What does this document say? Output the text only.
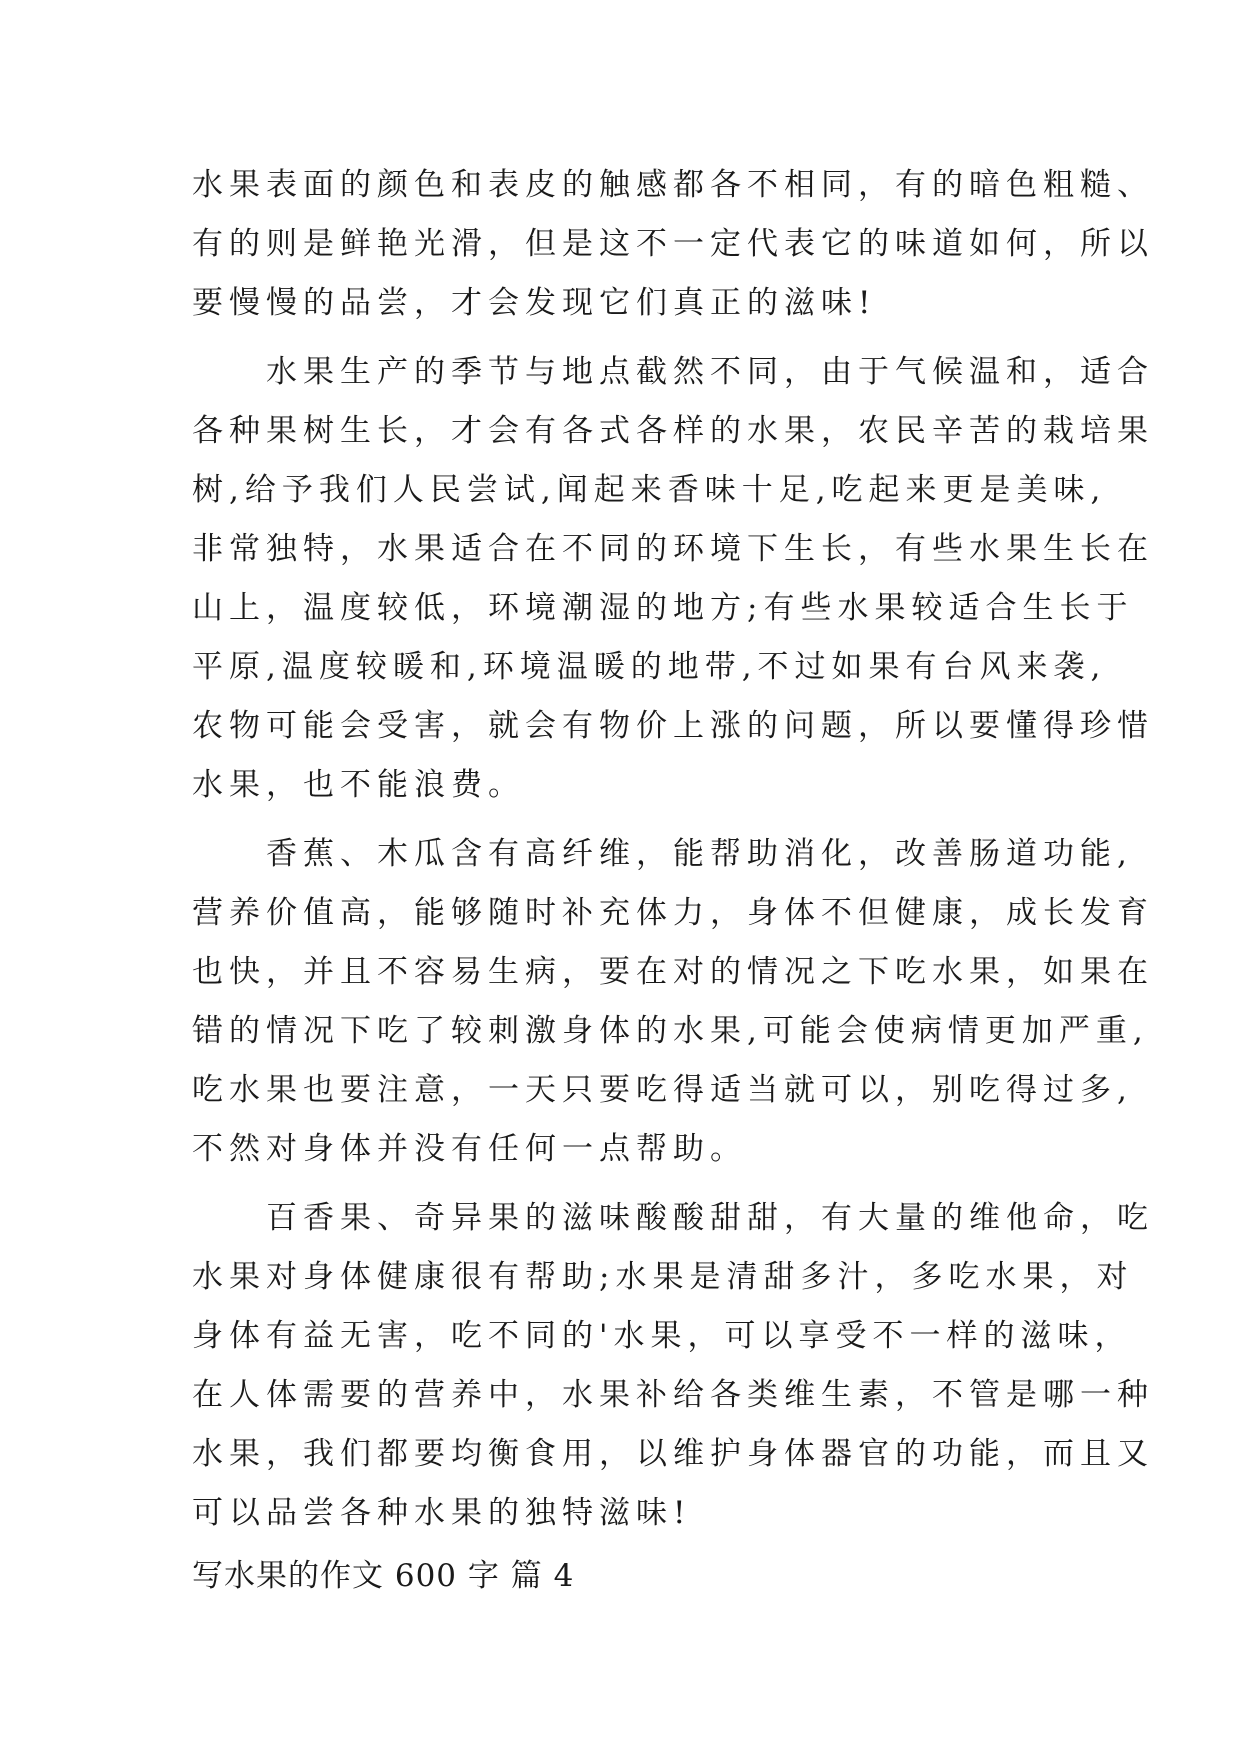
水果表面的颜色和表皮的触感都各不相同，有的暗色粗糙、
有的则是鲜艳光滑，但是这不一定代表它的味道如何，所以
要慢慢的品尝，才会发现它们真正的滋味!
　　水果生产的季节与地点截然不同，由于气候温和，适合
各种果树生长，才会有各式各样的水果，农民辛苦的栽培果
树,给予我们人民尝试,闻起来香味十足,吃起来更是美味,
非常独特，水果适合在不同的环境下生长，有些水果生长在
山上，温度较低，环境潮湿的地方;有些水果较适合生长于
平原,温度较暖和,环境温暖的地带,不过如果有台风来袭,
农物可能会受害，就会有物价上涨的问题，所以要懂得珍惜
水果，也不能浪费。
　　香蕉、木瓜含有高纤维，能帮助消化，改善肠道功能,
营养价值高，能够随时补充体力，身体不但健康，成长发育
也快，并且不容易生病，要在对的情况之下吃水果，如果在
错的情况下吃了较刺激身体的水果,可能会使病情更加严重,
吃水果也要注意，一天只要吃得适当就可以，别吃得过多,
不然对身体并没有任何一点帮助。
　　百香果、奇异果的滋味酸酸甜甜，有大量的维他命，吃
水果对身体健康很有帮助;水果是清甜多汁，多吃水果，对
身体有益无害，吃不同的'水果，可以享受不一样的滋味，
在人体需要的营养中，水果补给各类维生素，不管是哪一种
水果，我们都要均衡食用，以维护身体器官的功能，而且又
可以品尝各种水果的独特滋味!
写水果的作文 600 字 篇 4
